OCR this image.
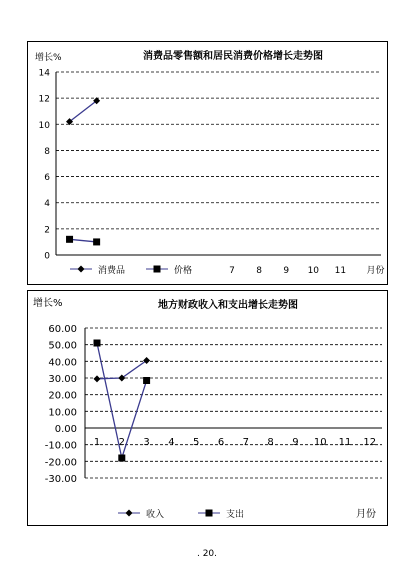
消费品零售额和居民消费价格增长走势图
增长%
0
2
4
6
8
10
12
14
7 8 9 10 11 月份
消费品	价格
地方财政收入和支出增长走势图
增长%
60.00
50.00
40.00
30.00
20.00
10.00
0.00
-10.00
-20.00
-30.00
1 2 3 4 5 6 7 8 9 10 11 12
收入	支出	月份
. 20.
